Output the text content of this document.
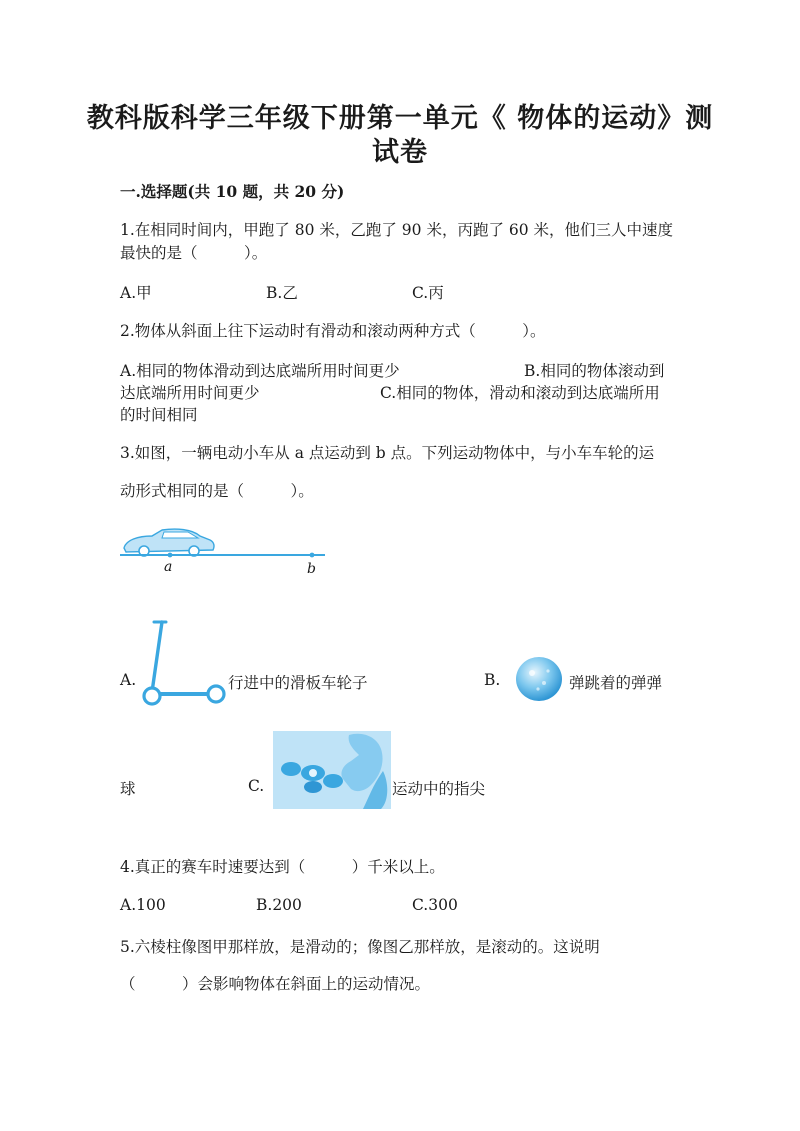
教科版科学三年级下册第一单元《 物体的运动》测
试卷
一.选择题(共 10 题，共 20 分)
1.在相同时间内，甲跑了 80 米，乙跑了 90 米，丙跑了 60 米，他们三人中速度
最快的是（　　　）。
A.甲	B.乙	C.丙
2.物体从斜面上往下运动时有滑动和滚动两种方式（　　　）。
A.相同的物体滑动到达底端所用时间更少	B.相同的物体滚动到
达底端所用时间更少	C.相同的物体，滑动和滚动到达底端所用
的时间相同
3.如图，一辆电动小车从 a 点运动到 b 点。下列运动物体中，与小车车轮的运
动形式相同的是（　　　）。
a	b
A.	行进中的滑板车轮子	B.	弹跳着的弹弹
球	C.	运动中的指尖
4.真正的赛车时速要达到（　　　）千米以上。
A.100	B.200	C.300
5.六棱柱像图甲那样放，是滑动的；像图乙那样放，是滚动的。这说明
（　　　）会影响物体在斜面上的运动情况。
